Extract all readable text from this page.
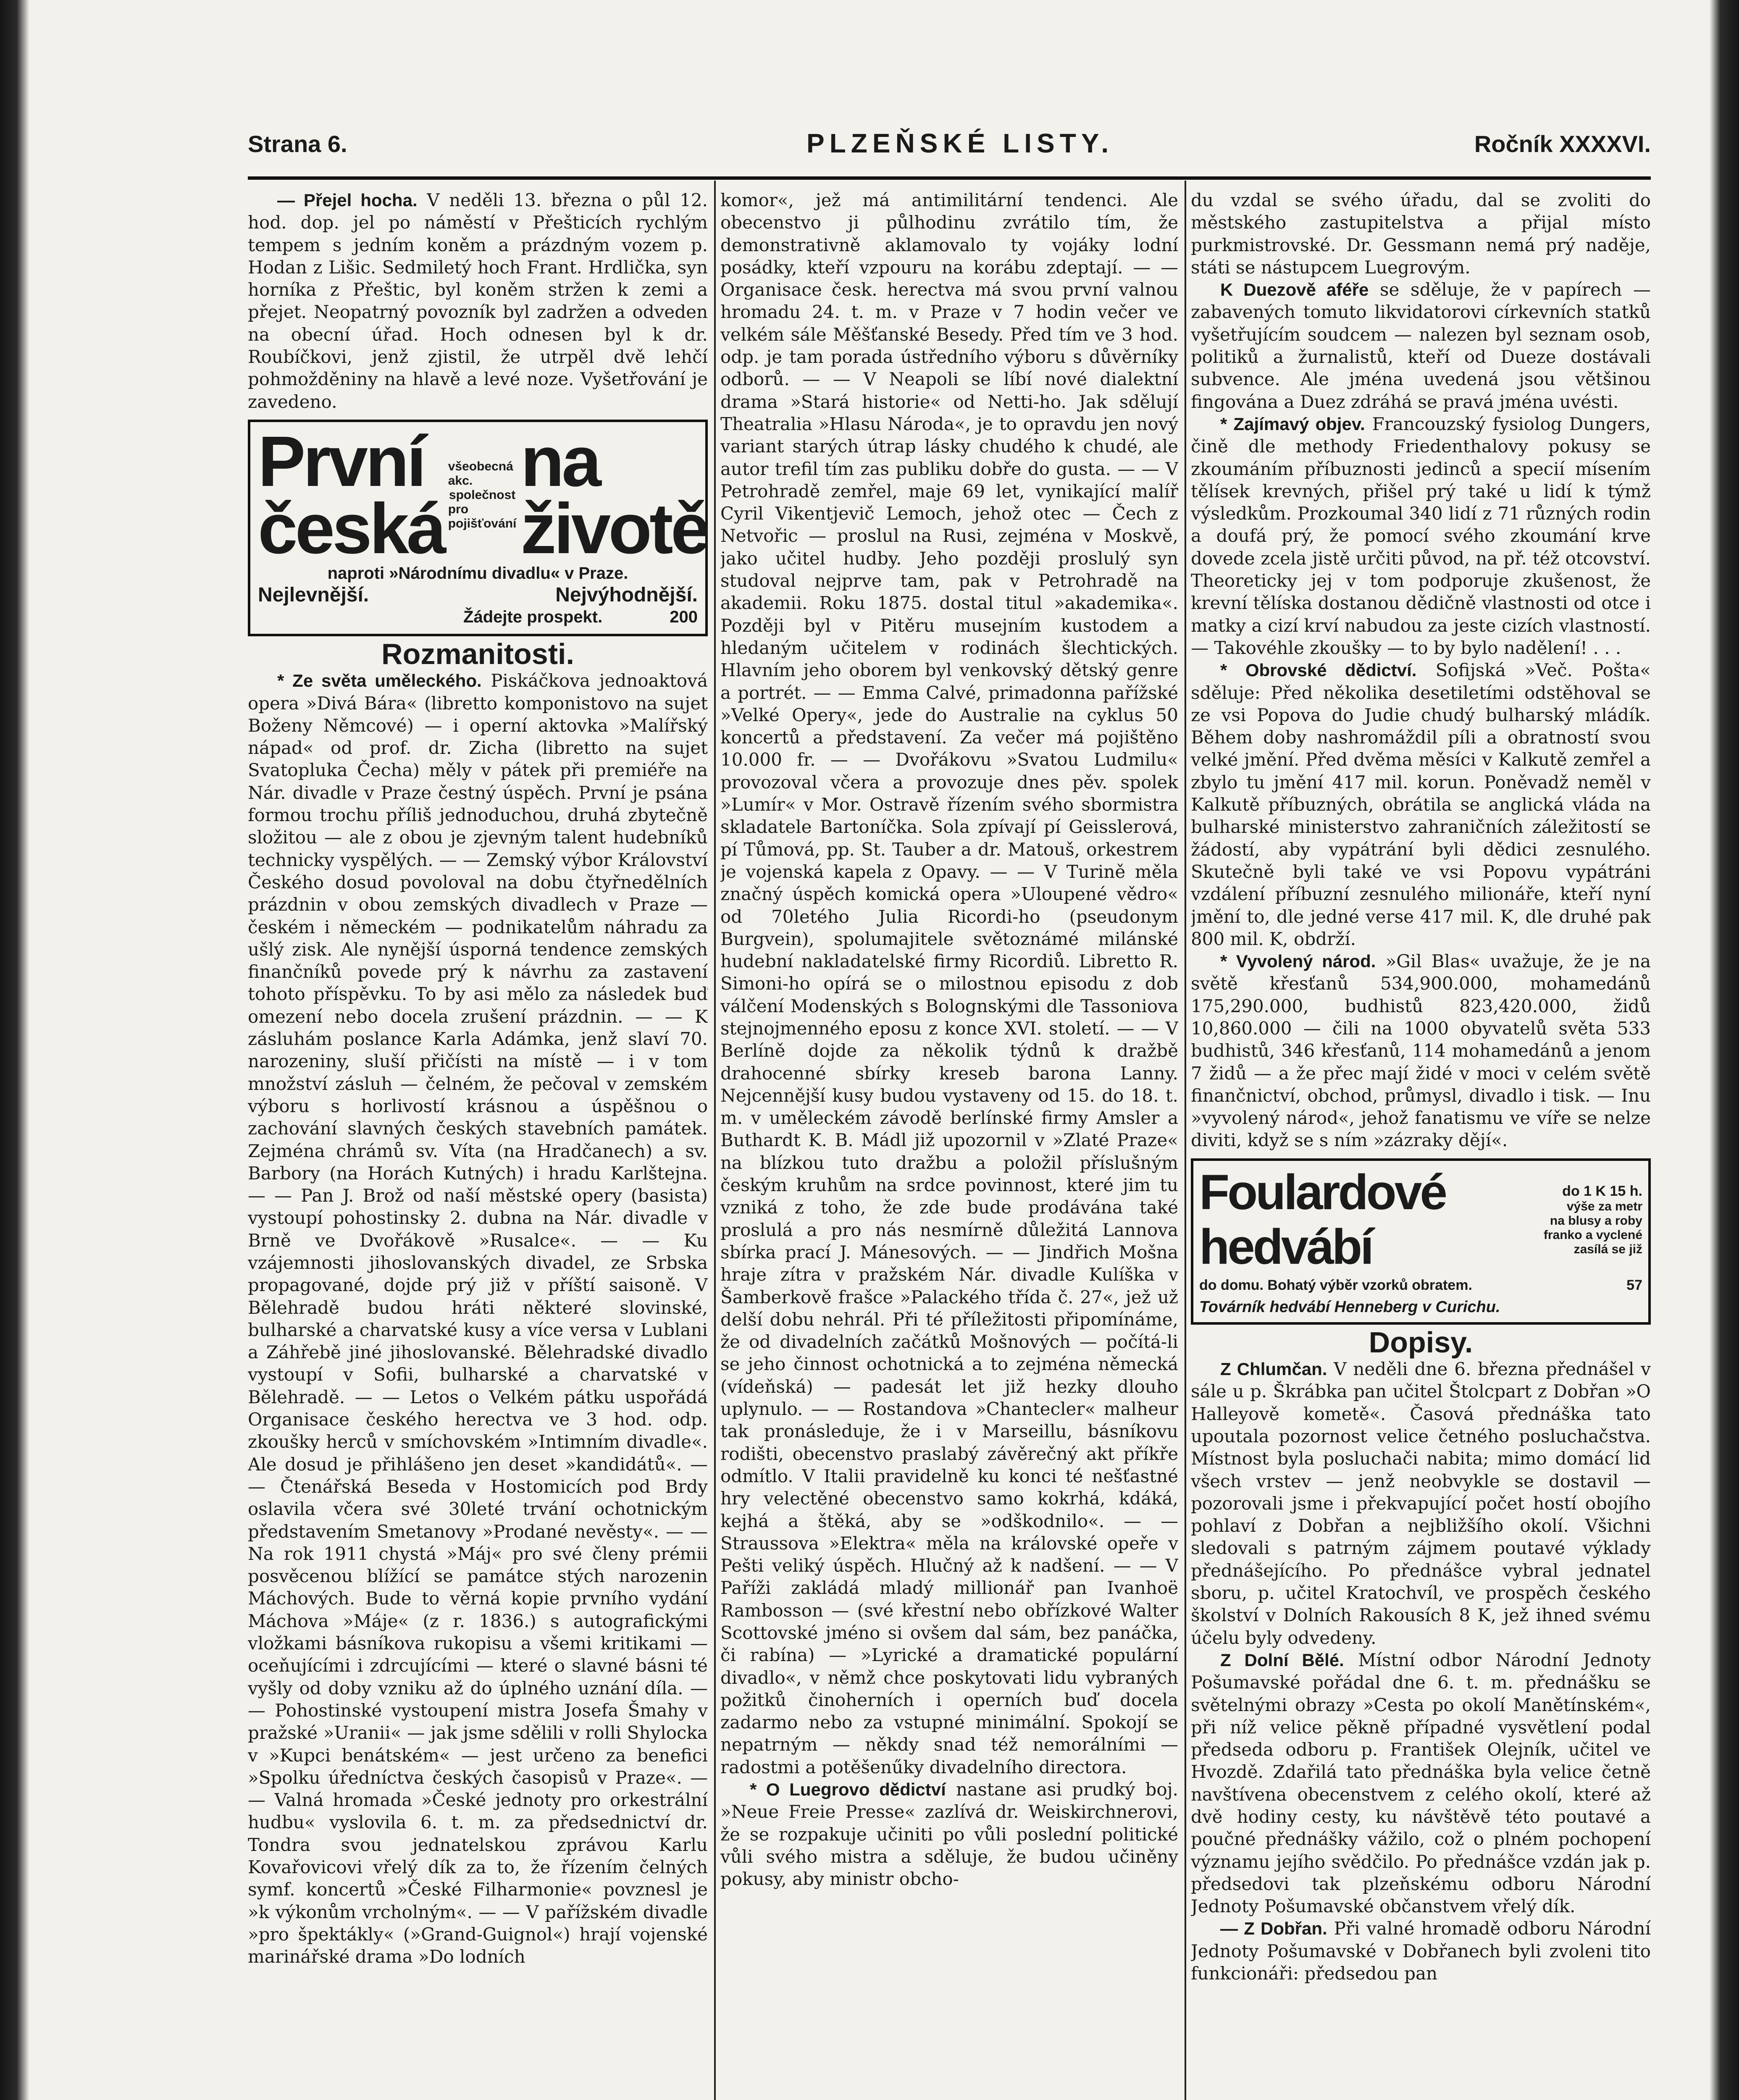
Strana 6.	PLZEŇSKÉ LISTY.	Ročník XXXXVI.

— Přejel hocha. V neděli 13. března o půl 12. hod. dop. jel po náměstí v Přešticích rychlým tempem s jedním koněm a prázdným vozem p. Hodan z Lišic. Sedmiletý hoch Frant. Hrdlička, syn horníka z Přeštic, byl koněm stržen k zemi a přejet. Neopatrný povozník byl zadržen a odveden na obecní úřad. Hoch odnesen byl k dr. Roubíčkovi, jenž zjistil, že utrpěl dvě lehčí pohmožděniny na hlavě a levé noze. Vyšetřování je zavedeno.

První česká
všeobecná akc.
společnost
pro pojišťování
na životě
naproti »Národnímu divadlu« v Praze.
Nejlevnější.	Nejvýhodnější.
Žádejte prospekt.	200
Rozmanitosti.

* Ze světa uměleckého. Piskáčkova jednoaktová opera »Divá Bára« (libretto komponistovo na sujet Boženy Němcové) — i operní aktovka »Malířský nápad« od prof. dr. Zicha (libretto na sujet Svatopluka Čecha) měly v pátek při premiéře na Nár. divadle v Praze čestný úspěch. První je psána formou trochu příliš jednoduchou, druhá zbytečně složitou — ale z obou je zjevným talent hudebníků technicky vyspělých. — — Zemský výbor Království Českého dosud povoloval na dobu čtyřnedělních prázdnin v obou zemských divadlech v Praze — českém i německém — podnikatelům náhradu za ušlý zisk. Ale nynější úsporná tendence zemských finančníků povede prý k návrhu za zastavení tohoto příspěvku. To by asi mělo za následek buď omezení nebo docela zrušení prázdnin. — — K zásluhám poslance Karla Adámka, jenž slaví 70. narozeniny, sluší přičísti na místě — i v tom množství zásluh — čelném, že pečoval v zemském výboru s horlivostí krásnou a úspěšnou o zachování slavných českých stavebních památek. Zejména chrámů sv. Víta (na Hradčanech) a sv. Barbory (na Horách Kutných) i hradu Karlštejna. — — Pan J. Brož od naší městské opery (basista) vystoupí pohostinsky 2. dubna na Nár. divadle v Brně ve Dvořákově »Rusalce«. — — Ku vzájemnosti jihoslovanských divadel, ze Srbska propagované, dojde prý již v příští saisoně. V Bělehradě budou hráti některé slovinské, bulharské a charvatské kusy a více versa v Lublani a Záhřebě jiné jihoslovanské. Bělehradské divadlo vystoupí v Sofii, bulharské a charvatské v Bělehradě. — — Letos o Velkém pátku uspořádá Organisace českého herectva ve 3 hod. odp. zkoušky herců v smíchovském »Intimním divadle«. Ale dosud je přihlášeno jen deset »kandidátů«. — — Čtenářská Beseda v Hostomicích pod Brdy oslavila včera své 30leté trvání ochotnickým představením Smetanovy »Prodané nevěsty«. — — Na rok 1911 chystá »Máj« pro své členy prémii posvěcenou blížící se památce stých narozenin Máchových. Bude to věrná kopie prvního vydání Máchova »Máje« (z r. 1836.) s autografickými vložkami básníkova rukopisu a všemi kritikami — oceňujícími i zdrcujícími — které o slavné básni té vyšly od doby vzniku až do úplného uznání díla. — — Pohostinské vystoupení mistra Josefa Šmahy v pražské »Uranii« — jak jsme sdělili v rolli Shylocka v »Kupci benátském« — jest určeno za benefici »Spolku úředníctva českých časopisů v Praze«. — — Valná hromada »České jednoty pro orkestrální hudbu« vyslovila 6. t. m. za předsednictví dr. Tondra svou jednatelskou zprávou Karlu Kovařovicovi vřelý dík za to, že řízením čelných symf. koncertů »České Filharmonie« povznesl je »k výkonům vrcholným«. — — V pařížském divadle »pro špektákly« (»Grand-Guignol«) hrají vojenské marinářské drama »Do lodních

komor«, jež má antimilitární tendenci. Ale obecenstvo ji půlhodinu zvrátilo tím, že demonstrativně aklamovalo ty vojáky lodní posádky, kteří vzpouru na korábu zdeptají. — — Organisace česk. herectva má svou první valnou hromadu 24. t. m. v Praze v 7 hodin večer ve velkém sále Měšťanské Besedy. Před tím ve 3 hod. odp. je tam porada ústředního výboru s důvěrníky odborů. — — V Neapoli se líbí nové dialektní drama »Stará historie« od Netti-ho. Jak sdělují Theatralia »Hlasu Národa«, je to opravdu jen nový variant starých útrap lásky chudého k chudé, ale autor trefil tím zas publiku dobře do gusta. — — V Petrohradě zemřel, maje 69 let, vynikající malíř Cyril Vikentjevič Lemoch, jehož otec — Čech z Netvořic — proslul na Rusi, zejména v Moskvě, jako učitel hudby. Jeho později proslulý syn studoval nejprve tam, pak v Petrohradě na akademii. Roku 1875. dostal titul »akademika«. Později byl v Pitěru musejním kustodem a hledaným učitelem v rodinách šlechtických. Hlavním jeho oborem byl venkovský dětský genre a portrét. — — Emma Calvé, primadonna pařížské »Velké Opery«, jede do Australie na cyklus 50 koncertů a představení. Za večer má pojištěno 10.000 fr. — — Dvořákovu »Svatou Ludmilu« provozoval včera a provozuje dnes pěv. spolek »Lumír« v Mor. Ostravě řízením svého sbormistra skladatele Bartoníčka. Sola zpívají pí Geisslerová, pí Tůmová, pp. St. Tauber a dr. Matouš, orkestrem je vojenská kapela z Opavy. — — V Turině měla značný úspěch komická opera »Uloupené vědro« od 70letého Julia Ricordi-ho (pseudonym Burgvein), spolumajitele světoznámé milánské hudební nakladatelské firmy Ricordiů. Libretto R. Simoni-ho opírá se o milostnou episodu z dob válčení Modenských s Bolognskými dle Tassoniova stejnojmenného eposu z konce XVI. století. — — V Berlíně dojde za několik týdnů k dražbě drahocenné sbírky kreseb barona Lanny. Nejcennější kusy budou vystaveny od 15. do 18. t. m. v uměleckém závodě berlínské firmy Amsler a Buthardt K. B. Mádl již upozornil v »Zlaté Praze« na blízkou tuto dražbu a položil příslušným českým kruhům na srdce povinnost, které jim tu vzniká z toho, že zde bude prodávána také proslulá a pro nás nesmírně důležitá Lannova sbírka prací J. Mánesových. — — Jindřich Mošna hraje zítra v pražském Nár. divadle Kulíška v Šamberkově frašce »Palackého třída č. 27«, jež už delší dobu nehrál. Při té příležitosti připomínáme, že od divadelních začátků Mošnových — počítá-li se jeho činnost ochotnická a to zejména německá (vídeňská) — padesát let již hezky dlouho uplynulo. — — Rostandova »Chantecler« malheur tak pronásleduje, že i v Marseillu, básníkovu rodišti, obecenstvo praslabý závěrečný akt příkře odmítlo. V Italii pravidelně ku konci té nešťastné hry velectěné obecenstvo samo kokrhá, kdáká, kejhá a štěká, aby se »odškodnilo«. — — Straussova »Elektra« měla na královské opeře v Pešti veliký úspěch. Hlučný až k nadšení. — — V Paříži zakládá mladý millionář pan Ivanhoë Rambosson — (své křestní nebo obřízkové Walter Scottovské jméno si ovšem dal sám, bez panáčka, či rabína) — »Lyrické a dramatické populární divadlo«, v němž chce poskytovati lidu vybraných požitků činoherních i operních buď docela zadarmo nebo za vstupné minimální. Spokojí se nepatrným — někdy snad též nemorálními — radostmi a potěšenűky divadelního directora.

* O Luegrovo dědictví nastane asi prudký boj. »Neue Freie Presse« zazlívá dr. Weiskirchnerovi, že se rozpakuje učiniti po vůli poslední politické vůli svého mistra a sděluje, že budou učiněny pokusy, aby ministr obcho-

du vzdal se svého úřadu, dal se zvoliti do městského zastupitelstva a přijal místo purkmistrovské. Dr. Gessmann nemá prý naděje, státi se nástupcem Luegrovým.

K Duezově aféře se sděluje, že v papírech — zabavených tomuto likvidatorovi církevních statků vyšetřujícím soudcem — nalezen byl seznam osob, politiků a žurnalistů, kteří od Dueze dostávali subvence. Ale jména uvedená jsou většinou fingována a Duez zdráhá se pravá jména uvésti.

* Zajímavý objev. Francouzský fysiolog Dungers, čině dle methody Friedenthalovy pokusy se zkoumáním příbuznosti jedinců a specií mísením tělísek krevných, přišel prý také u lidí k týmž výsledkům. Prozkoumal 340 lidí z 71 různých rodin a doufá prý, že pomocí svého zkoumání krve dovede zcela jistě určiti původ, na př. též otcovství. Theoreticky jej v tom podporuje zkušenost, že krevní tělíska dostanou dědičně vlastnosti od otce i matky a cizí krví nabudou za jeste cizích vlastností. — Takovéhle zkoušky — to by bylo nadělení! . . .

* Obrovské dědictví. Sofijská »Več. Pošta« sděluje: Před několika desetiletími odstěhoval se ze vsi Popova do Judie chudý bulharský mládík. Během doby nashromáždil píli a obratností svou velké jmění. Před dvěma měsíci v Kalkutě zemřel a zbylo tu jmění 417 mil. korun. Poněvadž neměl v Kalkutě příbuzných, obrátila se anglická vláda na bulharské ministerstvo zahraničních záležitostí se žádostí, aby vypátrání byli dědici zesnulého. Skutečně byli také ve vsi Popovu vypátráni vzdálení příbuzní zesnulého milionáře, kteří nyní jmění to, dle jedné verse 417 mil. K, dle druhé pak 800 mil. K, obdrží.

* Vyvolený národ. »Gil Blas« uvažuje, že je na světě křesťanů 534,900.000, mohamedánů 175,290.000, budhistů 823,420.000, židů 10,860.000 — čili na 1000 obyvatelů světa 533 budhistů, 346 křesťanů, 114 mohamedánů a jenom 7 židů — a že přec mají židé v moci v celém světě finančnictví, obchod, průmysl, divadlo i tisk. — Inu »vyvolený národ«, jehož fanatismu ve víře se nelze diviti, když se s ním »zázraky dějí«.

Foulardové hedvábí
do 1 K 15 h.
výše za metr
na blusy a roby
franko a vyclené zasílá se již
do domu. Bohatý výběr vzorků obratem.	57
Továrník hedvábí Henneberg v Curichu.
Dopisy.

Z Chlumčan. V neděli dne 6. března přednášel v sále u p. Škrábka pan učitel Štolcpart z Dobřan »O Halleyově kometě«. Časová přednáška tato upoutala pozornost velice četného posluchačstva. Místnost byla posluchači nabita; mimo domácí lid všech vrstev — jenž neobvykle se dostavil — pozorovali jsme i překvapující počet hostí obojího pohlaví z Dobřan a nejbližšího okolí. Všichni sledovali s patrným zájmem poutavé výklady přednášejícího. Po přednášce vybral jednatel sboru, p. učitel Kratochvíl, ve prospěch českého školství v Dolních Rakousích 8 K, jež ihned svému účelu byly odvedeny.

Z Dolní Bělé. Místní odbor Národní Jednoty Pošumavské pořádal dne 6. t. m. přednášku se světelnými obrazy »Cesta po okolí Manětínském«, při níž velice pěkně případné vysvětlení podal předseda odboru p. František Olejník, učitel ve Hvozdě. Zdařilá tato přednáška byla velice četně navštívena obecenstvem z celého okolí, které až dvě hodiny cesty, ku návštěvě této poutavé a poučné přednášky vážilo, což o plném pochopení významu jejího svědčilo. Po přednášce vzdán jak p. předsedovi tak plzeňskému odboru Národní Jednoty Pošumavské občanstvem vřelý dík.

— Z Dobřan. Při valné hromadě odboru Národní Jednoty Pošumavské v Dobřanech byli zvoleni tito funkcionáři: předsedou pan
